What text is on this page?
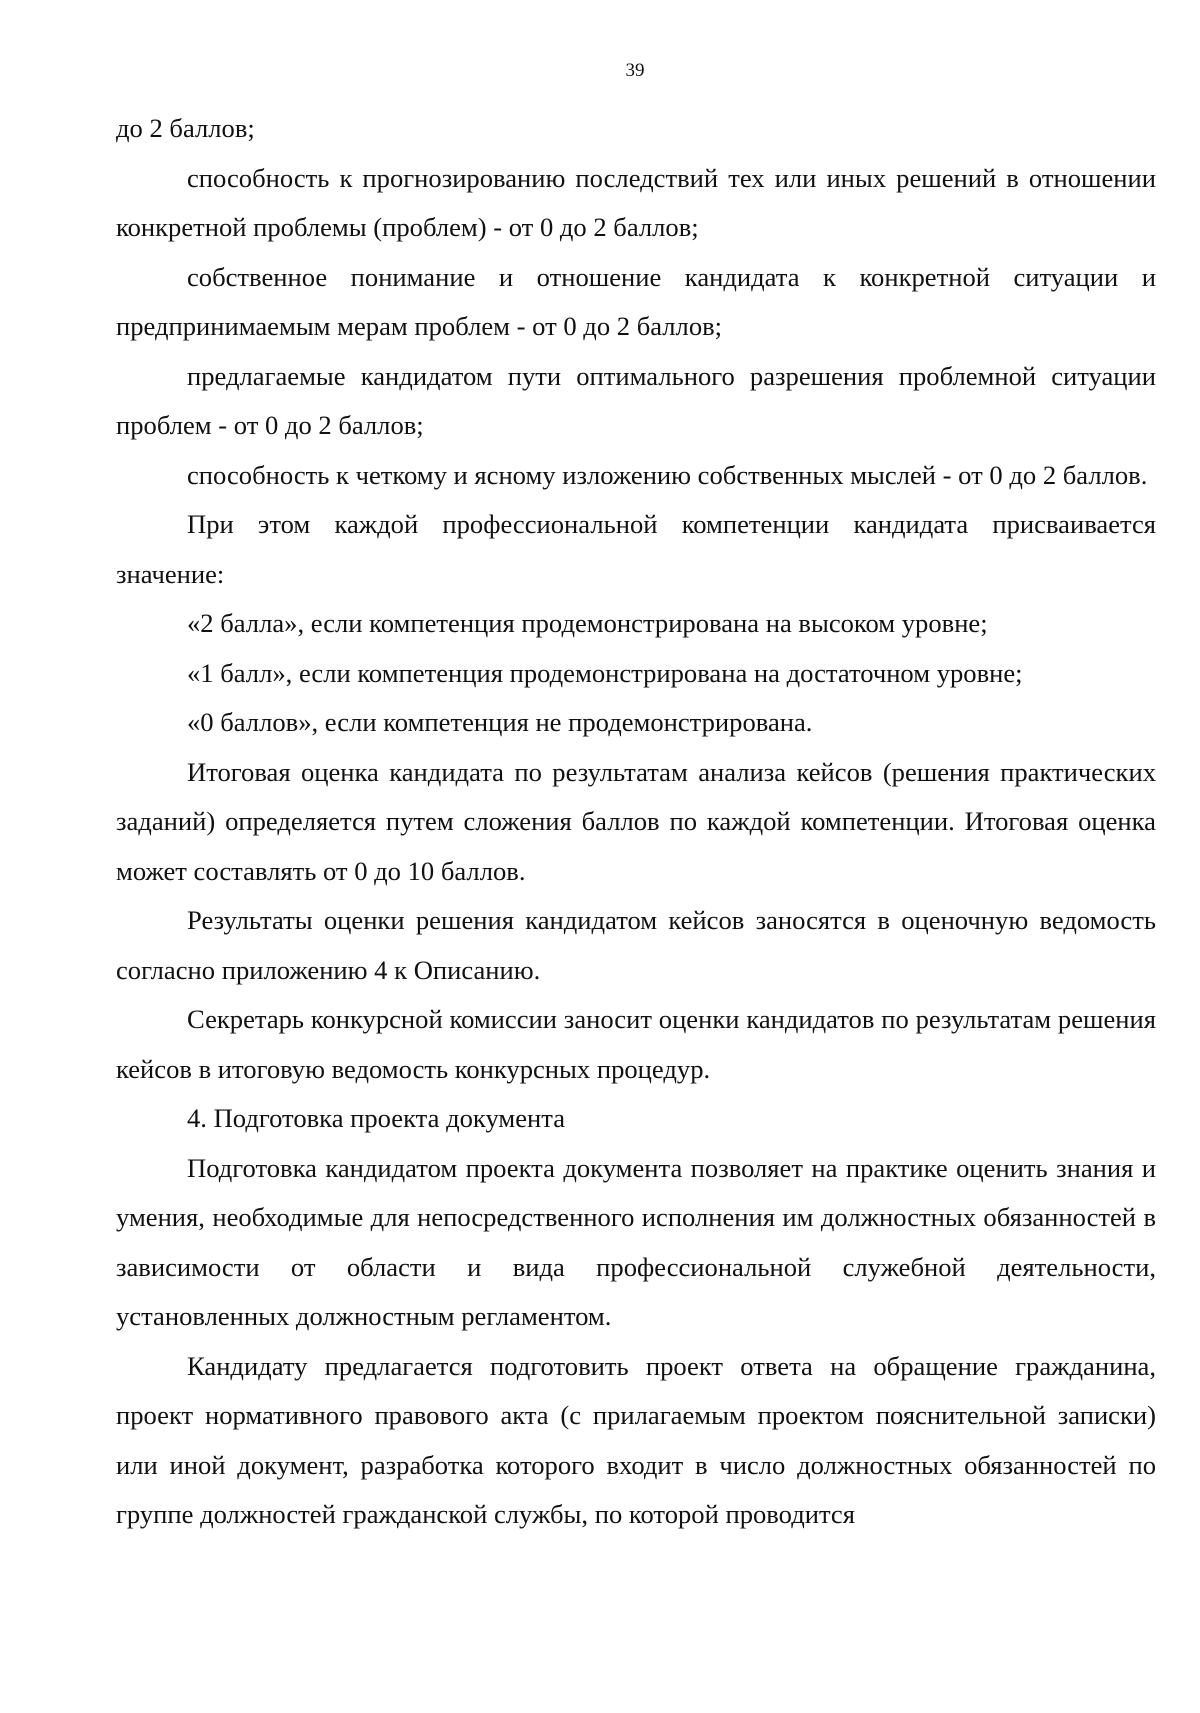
39

до 2 баллов;

способность к прогнозированию последствий тех или иных решений в отношении конкретной проблемы (проблем) - от 0 до 2 баллов;

собственное понимание и отношение кандидата к конкретной ситуации и предпринимаемым мерам проблем - от 0 до 2 баллов;

предлагаемые кандидатом пути оптимального разрешения проблемной ситуации проблем - от 0 до 2 баллов;

способность к четкому и ясному изложению собственных мыслей - от 0 до 2 баллов.

При этом каждой профессиональной компетенции кандидата присваивается значение:

«2 балла», если компетенция продемонстрирована на высоком уровне;

«1 балл», если компетенция продемонстрирована на достаточном уровне;

«0 баллов», если компетенция не продемонстрирована.

Итоговая оценка кандидата по результатам анализа кейсов (решения практических заданий) определяется путем сложения баллов по каждой компетенции. Итоговая оценка может составлять от 0 до 10 баллов.

Результаты оценки решения кандидатом кейсов заносятся в оценочную ведомость согласно приложению 4 к Описанию.

Секретарь конкурсной комиссии заносит оценки кандидатов по результатам решения кейсов в итоговую ведомость конкурсных процедур.

4. Подготовка проекта документа

Подготовка кандидатом проекта документа позволяет на практике оценить знания и умения, необходимые для непосредственного исполнения им должностных обязанностей в зависимости от области и вида профессиональной служебной деятельности, установленных должностным регламентом.

Кандидату предлагается подготовить проект ответа на обращение гражданина, проект нормативного правового акта (с прилагаемым проектом пояснительной записки) или иной документ, разработка которого входит в число должностных обязанностей по группе должностей гражданской службы, по которой проводится
